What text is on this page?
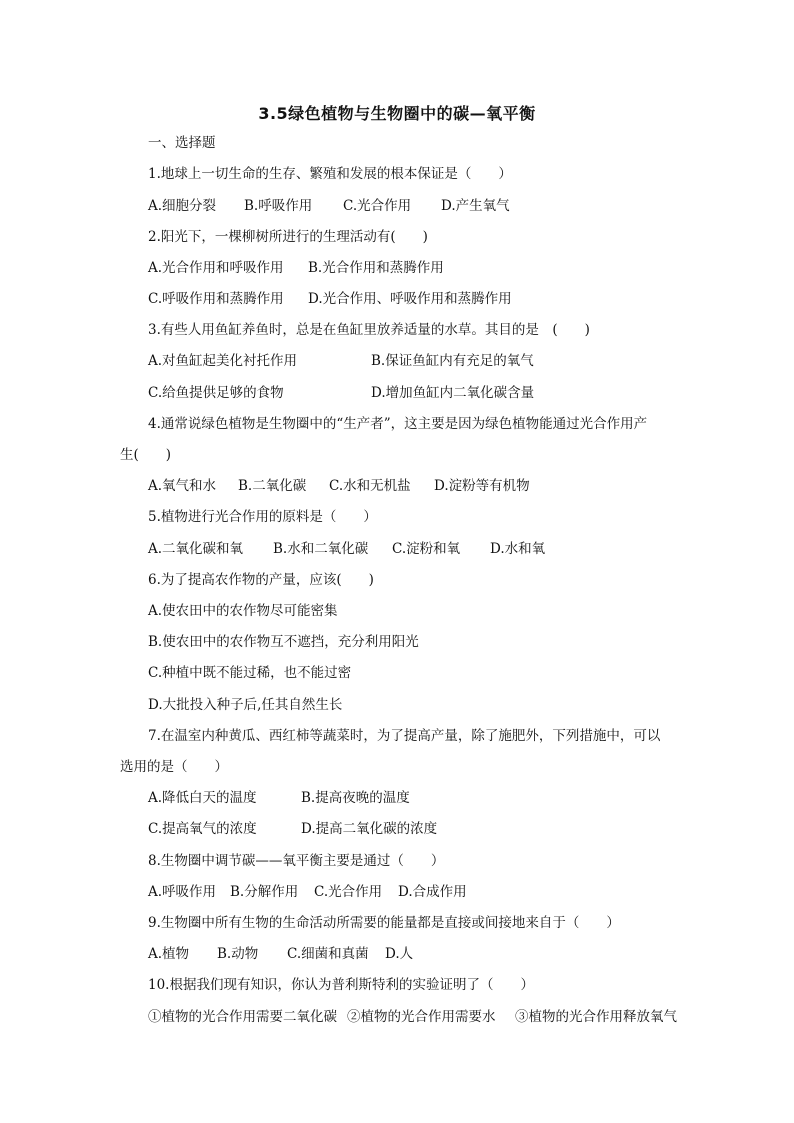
3.5绿色植物与生物圈中的碳—氧平衡
一、选择题
1.地球上一切生命的生存、繁殖和发展的根本保证是（　　）
A.细胞分裂 B.呼吸作用 C.光合作用 D.产生氧气
2.阳光下，一棵柳树所进行的生理活动有(　　)
A.光合作用和呼吸作用 B.光合作用和蒸腾作用
C.呼吸作用和蒸腾作用 D.光合作用、呼吸作用和蒸腾作用
3.有些人用鱼缸养鱼时，总是在鱼缸里放养适量的水草。其目的是　(　　)
A.对鱼缸起美化衬托作用	B.保证鱼缸内有充足的氧气
C.给鱼提供足够的食物	D.增加鱼缸内二氧化碳含量
4.通常说绿色植物是生物圈中的“生产者”，这主要是因为绿色植物能通过光合作用产
生(　　)
A.氧气和水 B.二氧化碳 C.水和无机盐 D.淀粉等有机物
5.植物进行光合作用的原料是（　　）
A.二氧化碳和氧 B.水和二氧化碳 C.淀粉和氧 D.水和氧
6.为了提高农作物的产量，应该(　　)
A.使农田中的农作物尽可能密集
B.使农田中的农作物互不遮挡，充分利用阳光
C.种植中既不能过稀，也不能过密
D.大批投入种子后,任其自然生长
7.在温室内种黄瓜、西红柿等蔬菜时，为了提高产量，除了施肥外，下列措施中，可以
选用的是（　　）
A.降低白天的温度	B.提高夜晚的温度
C.提高氧气的浓度	D.提高二氧化碳的浓度
8.生物圈中调节碳——氧平衡主要是通过（　　）
A.呼吸作用 B.分解作用 C.光合作用 D.合成作用
9.生物圈中所有生物的生命活动所需要的能量都是直接或间接地来自于（　　）
A.植物 B.动物 C.细菌和真菌 D.人
10.根据我们现有知识，你认为普利斯特利的实验证明了（　　）
①植物的光合作用需要二氧化碳 ②植物的光合作用需要水 ③植物的光合作用释放氧气
